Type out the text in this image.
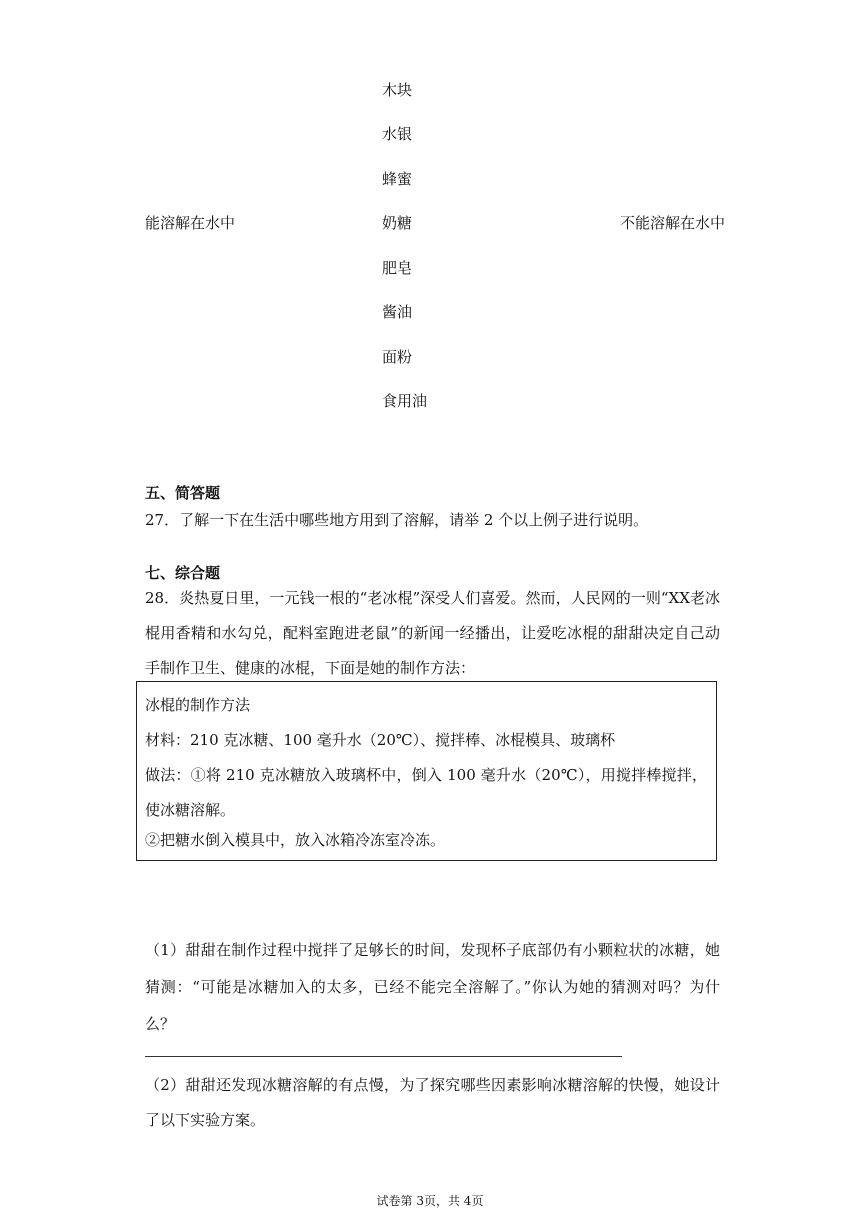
能溶解在水中	不能溶解在水中
木块
水银
蜂蜜
奶糖
肥皂
酱油
面粉
食用油
五、简答题
27．了解一下在生活中哪些地方用到了溶解，请举 2 个以上例子进行说明。
七、综合题
28．炎热夏日里，一元钱一根的“老冰棍”深受人们喜爱。然而，人民网的一则“XX老冰棍用香精和水勾兑，配料室跑进老鼠”的新闻一经播出，让爱吃冰棍的甜甜决定自己动手制作卫生、健康的冰棍，下面是她的制作方法：
冰棍的制作方法
材料：210 克冰糖、100 毫升水（20℃）、搅拌棒、冰棍模具、玻璃杯
做法：①将 210 克冰糖放入玻璃杯中，倒入 100 毫升水（20℃），用搅拌棒搅拌，使冰糖溶解。
②把糖水倒入模具中，放入冰箱冷冻室冷冻。
（1）甜甜在制作过程中搅拌了足够长的时间，发现杯子底部仍有小颗粒状的冰糖，她猜测：“可能是冰糖加入的太多，已经不能完全溶解了。”你认为她的猜测对吗？为什么？
（2）甜甜还发现冰糖溶解的有点慢，为了探究哪些因素影响冰糖溶解的快慢，她设计了以下实验方案。
试卷第 3页，共 4页
